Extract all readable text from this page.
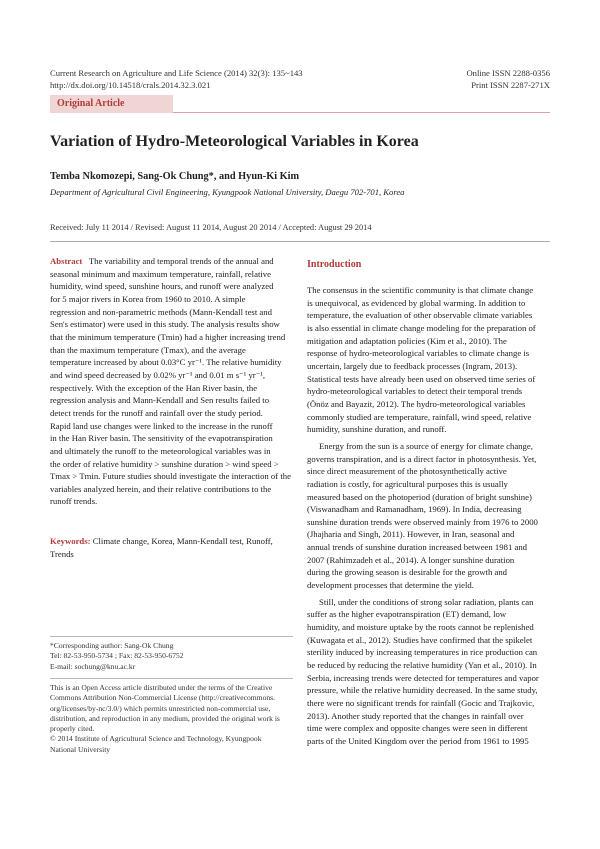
Current Research on Agriculture and Life Science (2014) 32(3): 135~143
http://dx.doi.org/10.14518/crals.2014.32.3.021
Online ISSN 2288-0356
Print ISSN 2287-271X
Original Article
Variation of Hydro-Meteorological Variables in Korea
Temba Nkomozepi, Sang-Ok Chung*, and Hyun-Ki Kim
Department of Agricultural Civil Engineering, Kyungpook National University, Daegu 702-701, Korea
Received: July 11 2014 / Revised: August 11 2014, August 20 2014 / Accepted: August 29 2014

Abstract The variability and temporal trends of the annual and

seasonal minimum and maximum temperature, rainfall, relative

humidity, wind speed, sunshine hours, and runoff were analyzed

for 5 major rivers in Korea from 1960 to 2010. A simple

regression and non-parametric methods (Mann-Kendall test and

Sen's estimator) were used in this study. The analysis results show

that the minimum temperature (Tmin) had a higher increasing trend

than the maximum temperature (Tmax), and the average

temperature increased by about 0.03°C yr⁻¹. The relative humidity

and wind speed decreased by 0.02% yr⁻¹ and 0.01 m s⁻¹ yr⁻¹,

respectively. With the exception of the Han River basin, the

regression analysis and Mann-Kendall and Sen results failed to

detect trends for the runoff and rainfall over the study period.

Rapid land use changes were linked to the increase in the runoff

in the Han River basin. The sensitivity of the evapotranspiration

and ultimately the runoff to the meteorological variables was in

the order of relative humidity > sunshine duration > wind speed >

Tmax > Tmin. Future studies should investigate the interaction of the

variables analyzed herein, and their relative contributions to the

runoff trends.

Keywords: Climate change, Korea, Mann-Kendall test, Runoff,

Trends

*Corresponding author: Sang-Ok Chung
Tel: 82-53-950-5734 ; Fax: 82-53-950-6752
E-mail: sochung@knu.ac.kr
This is an Open Access article distributed under the terms of the Creative
Commons Attribution Non-Commercial License (http://creativecommons.
org/licenses/by-nc/3.0/) which permits unrestricted non-commercial use,
distribution, and reproduction in any medium, provided the original work is
properly cited.
© 2014 Institute of Agricultural Science and Technology, Kyungpook
National University
Introduction

The consensus in the scientific community is that climate change

is unequivocal, as evidenced by global warming. In addition to

temperature, the evaluation of other observable climate variables

is also essential in climate change modeling for the preparation of

mitigation and adaptation policies (Kim et al., 2010). The

response of hydro-meteorological variables to climate change is

uncertain, largely due to feedback processes (Ingram, 2013).

Statistical tests have already been used on observed time series of

hydro-meteorological variables to detect their temporal trends

(Önöz and Bayazit, 2012). The hydro-meteorological variables

commonly studied are temperature, rainfall, wind speed, relative

humidity, sunshine duration, and runoff.

Energy from the sun is a source of energy for climate change,

governs transpiration, and is a direct factor in photosynthesis. Yet,

since direct measurement of the photosynthetically active

radiation is costly, for agricultural purposes this is usually

measured based on the photoperiod (duration of bright sunshine)

(Viswanadham and Ramanadham, 1969). In India, decreasing

sunshine duration trends were observed mainly from 1976 to 2000

(Jhajharia and Singh, 2011). However, in Iran, seasonal and

annual trends of sunshine duration increased between 1981 and

2007 (Rahimzadeh et al., 2014). A longer sunshine duration

during the growing season is desirable for the growth and

development processes that determine the yield.

Still, under the conditions of strong solar radiation, plants can

suffer as the higher evapotranspiration (ET) demand, low

humidity, and moisture uptake by the roots cannot be replenished

(Kuwagata et al., 2012). Studies have confirmed that the spikelet

sterility induced by increasing temperatures in rice production can

be reduced by reducing the relative humidity (Yan et al., 2010). In

Serbia, increasing trends were detected for temperatures and vapor

pressure, while the relative humidity decreased. In the same study,

there were no significant trends for rainfall (Gocic and Trajkovic,

2013). Another study reported that the changes in rainfall over

time were complex and opposite changes were seen in different

parts of the United Kingdom over the period from 1961 to 1995
